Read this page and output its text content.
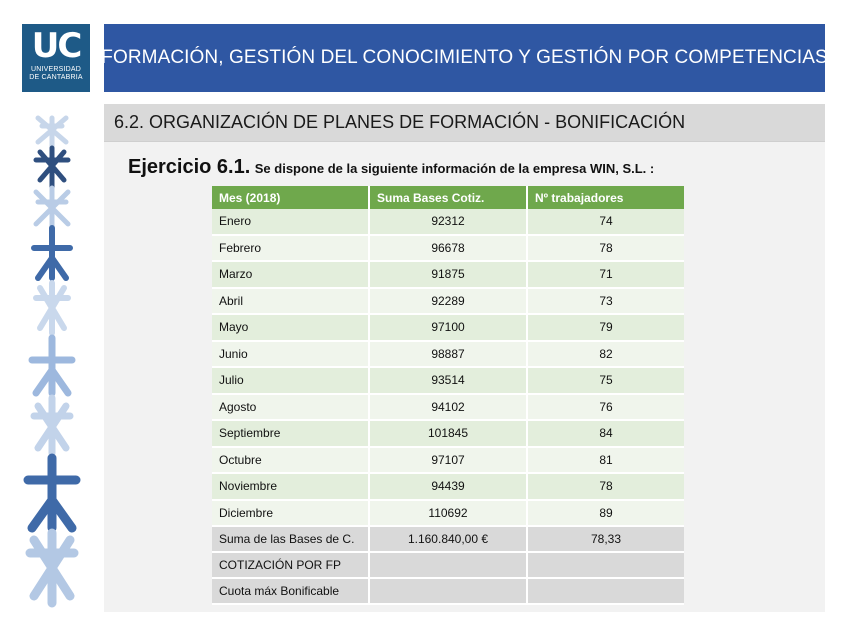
UC
UNIVERSIDAD
DE CANTABRIA
FORMACIÓN, GESTIÓN DEL CONOCIMIENTO Y GESTIÓN POR COMPETENCIAS
6.2. ORGANIZACIÓN DE PLANES DE FORMACIÓN - BONIFICACIÓN
Ejercicio 6.1. Se dispone de la siguiente información de la empresa WIN, S.L. :
Mes (2018)	Suma Bases Cotiz.	Nº trabajadores
Enero	92312	74
Febrero	96678	78
Marzo	91875	71
Abril	92289	73
Mayo	97100	79
Junio	98887	82
Julio	93514	75
Agosto	94102	76
Septiembre	101845	84
Octubre	97107	81
Noviembre	94439	78
Diciembre	110692	89
Suma de las Bases de C.	1.160.840,00 €	78,33
COTIZACIÓN POR FP		
Cuota máx Bonificable		
